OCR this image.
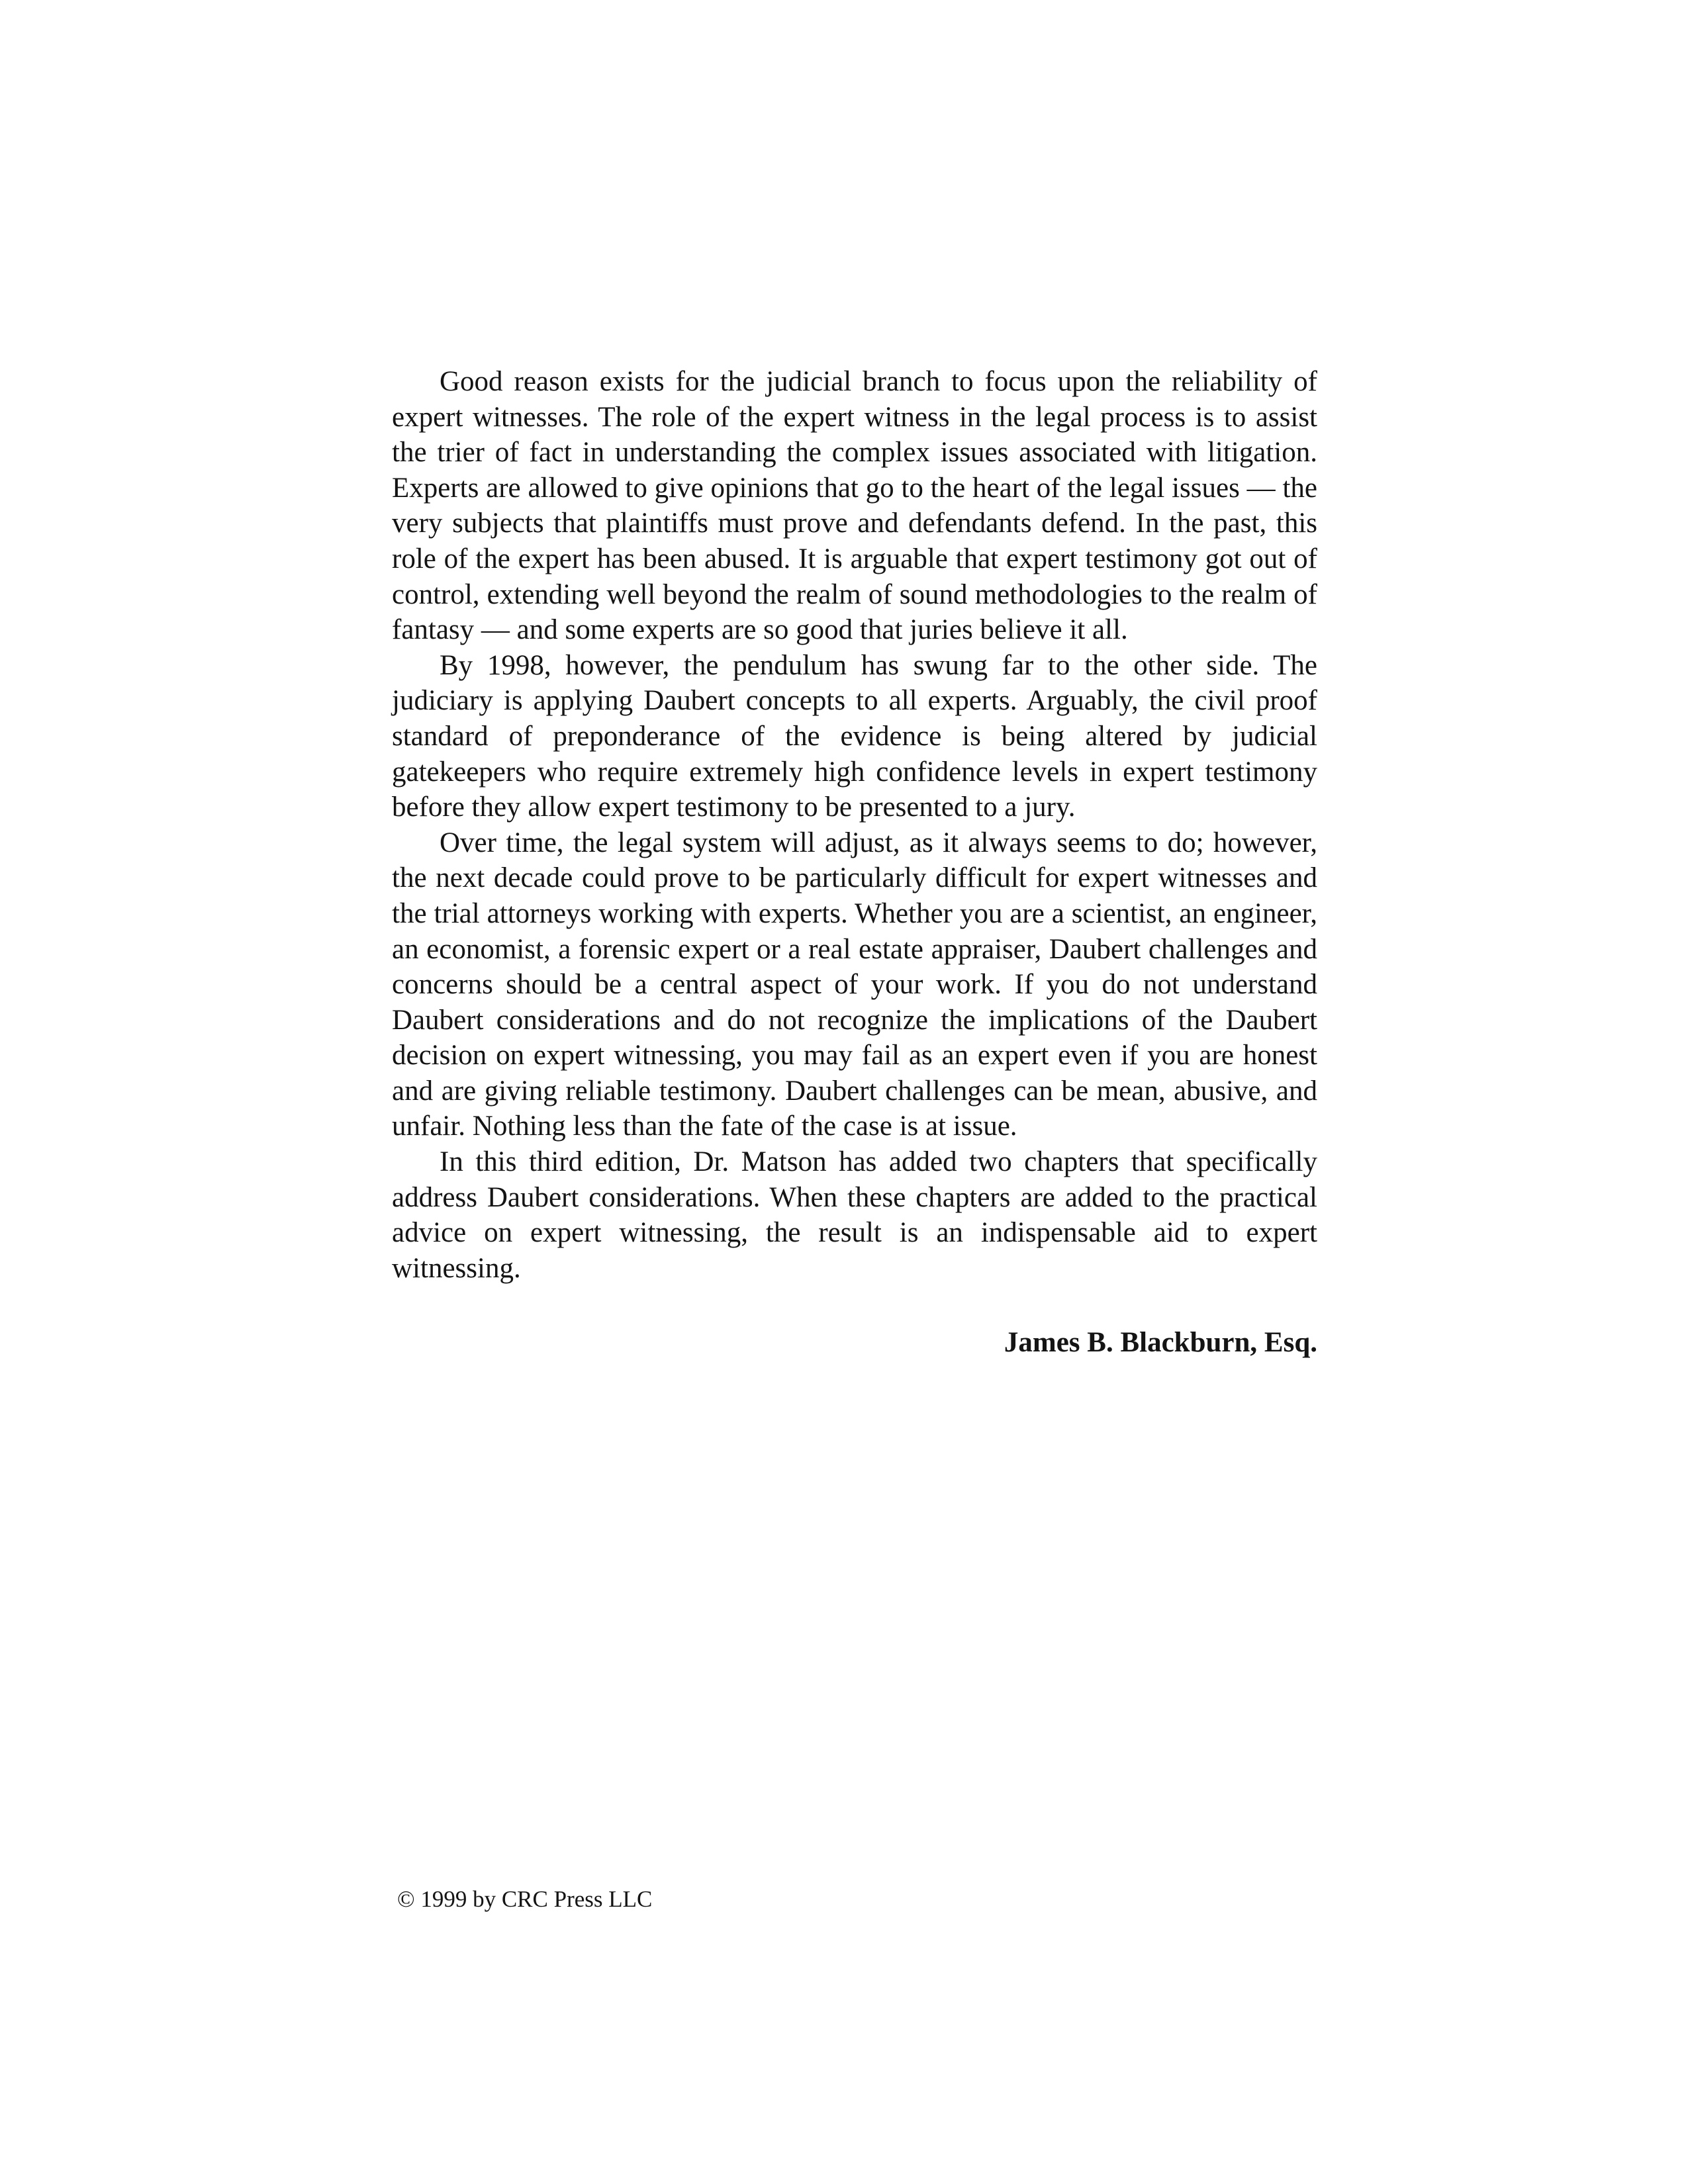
Good reason exists for the judicial branch to focus upon the reliability of expert witnesses. The role of the expert witness in the legal process is to assist the trier of fact in understanding the complex issues associated with litigation. Experts are allowed to give opinions that go to the heart of the legal issues — the very subjects that plaintiffs must prove and defendants defend. In the past, this role of the expert has been abused. It is arguable that expert testimony got out of control, extending well beyond the realm of sound methodologies to the realm of fantasy — and some experts are so good that juries believe it all.

By 1998, however, the pendulum has swung far to the other side. The judiciary is applying Daubert concepts to all experts. Arguably, the civil proof standard of preponderance of the evidence is being altered by judicial gatekeepers who require extremely high confidence levels in expert testimony before they allow expert testimony to be presented to a jury.

Over time, the legal system will adjust, as it always seems to do; however, the next decade could prove to be particularly difficult for expert witnesses and the trial attorneys working with experts. Whether you are a scientist, an engineer, an economist, a forensic expert or a real estate appraiser, Daubert challenges and concerns should be a central aspect of your work. If you do not understand Daubert considerations and do not recognize the implications of the Daubert decision on expert witnessing, you may fail as an expert even if you are honest and are giving reliable testimony. Daubert challenges can be mean, abusive, and unfair. Nothing less than the fate of the case is at issue.

In this third edition, Dr. Matson has added two chapters that specifically address Daubert considerations. When these chapters are added to the practical advice on expert witnessing, the result is an indispensable aid to expert witnessing.

James B. Blackburn, Esq.
© 1999 by CRC Press LLC
